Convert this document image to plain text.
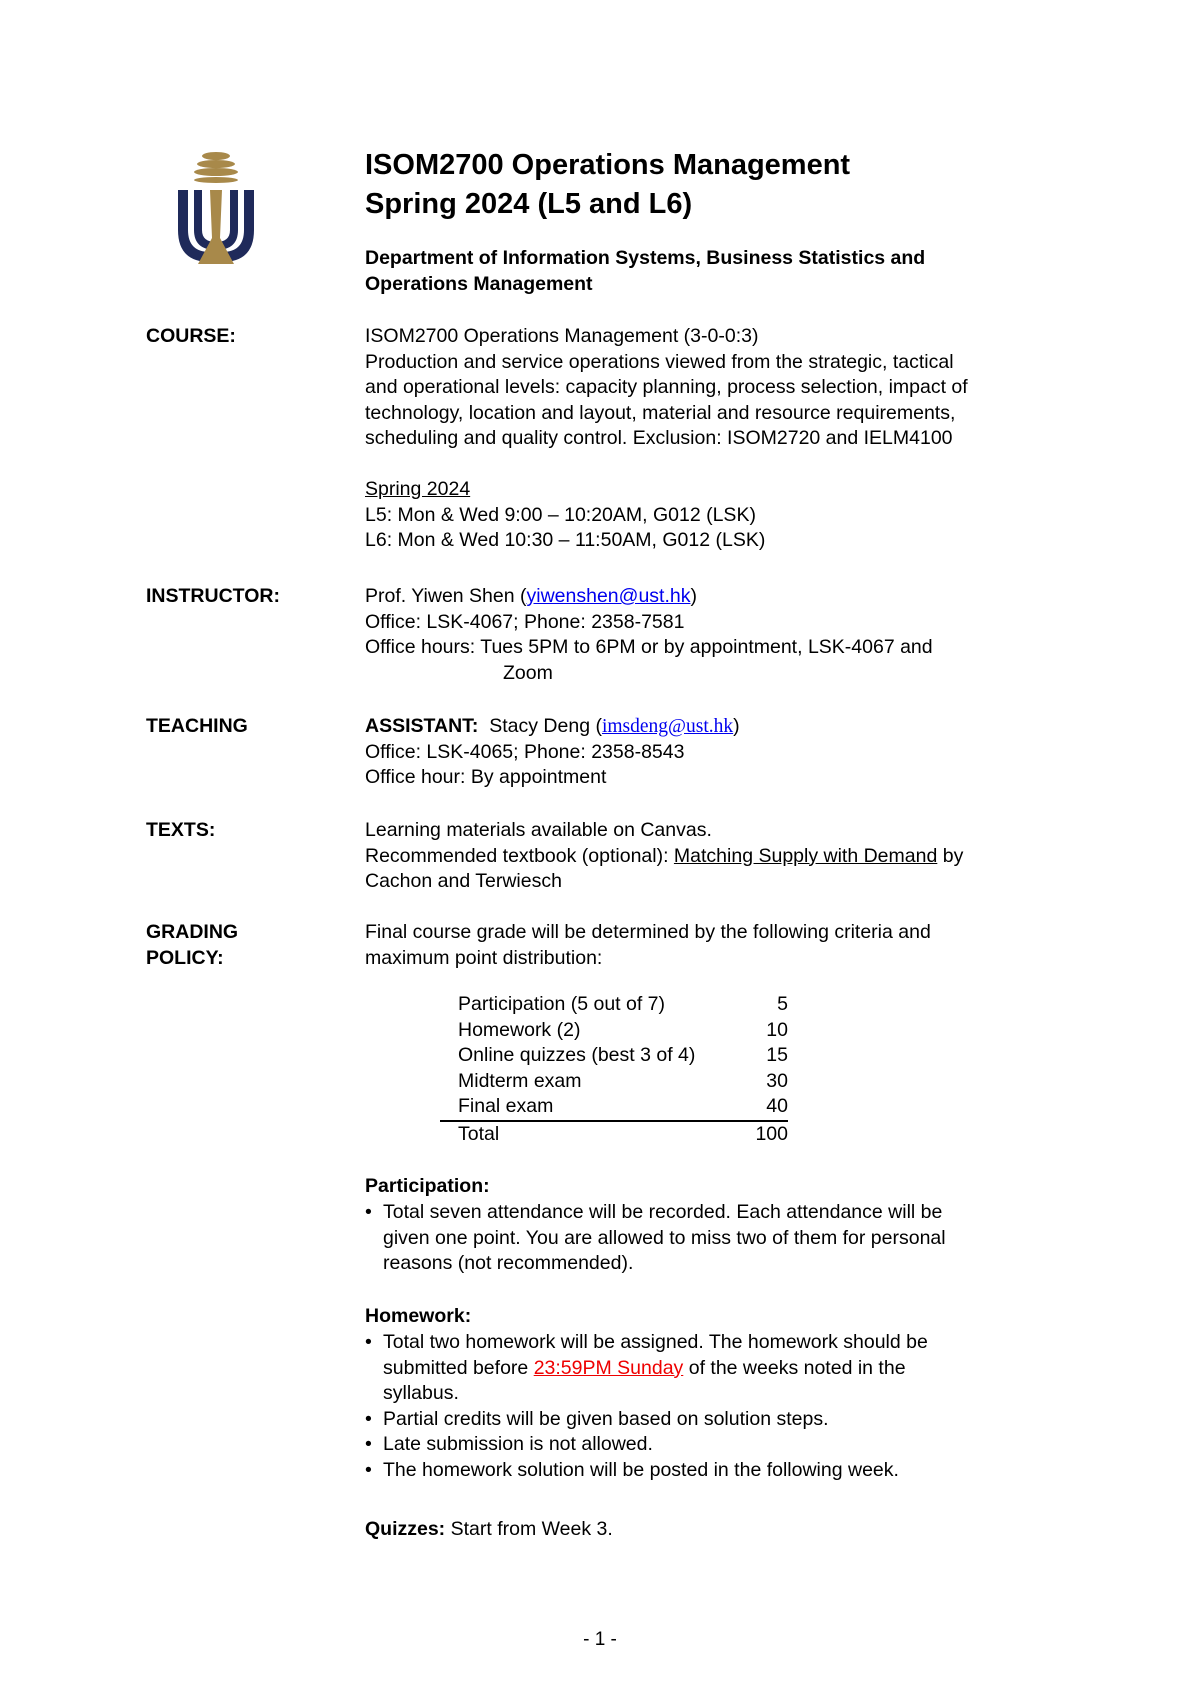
ISOM2700 Operations Management
Spring 2024 (L5 and L6)
Department of Information Systems, Business Statistics and
Operations Management
COURSE:	ISOM2700 Operations Management (3-0-0:3)
Production and service operations viewed from the strategic, tactical
and operational levels: capacity planning, process selection, impact of
technology, location and layout, material and resource requirements,
scheduling and quality control. Exclusion: ISOM2720 and IELM4100
Spring 2024
L5: Mon & Wed 9:00 – 10:20AM, G012 (LSK)
L6: Mon & Wed 10:30 – 11:50AM, G012 (LSK)
INSTRUCTOR:	Prof. Yiwen Shen (yiwenshen@ust.hk)
Office: LSK-4067; Phone: 2358-7581
Office hours: Tues 5PM to 6PM or by appointment, LSK-4067 and
Zoom
TEACHING	ASSISTANT: Stacy Deng (imsdeng@ust.hk)
Office: LSK-4065; Phone: 2358-8543
Office hour: By appointment
TEXTS:	Learning materials available on Canvas.
Recommended textbook (optional): Matching Supply with Demand by
Cachon and Terwiesch
GRADING
POLICY:
Final course grade will be determined by the following criteria and
maximum point distribution:
Participation (5 out of 7)	5
Homework (2)	10
Online quizzes (best 3 of 4)	15
Midterm exam	30
Final exam	40
Total	100
Participation:
• Total seven attendance will be recorded. Each attendance will be
given one point. You are allowed to miss two of them for personal
reasons (not recommended).
Homework:
• Total two homework will be assigned. The homework should be
submitted before 23:59PM Sunday of the weeks noted in the
syllabus.
• Partial credits will be given based on solution steps.
• Late submission is not allowed.
• The homework solution will be posted in the following week.
Quizzes: Start from Week 3.
- 1 -
